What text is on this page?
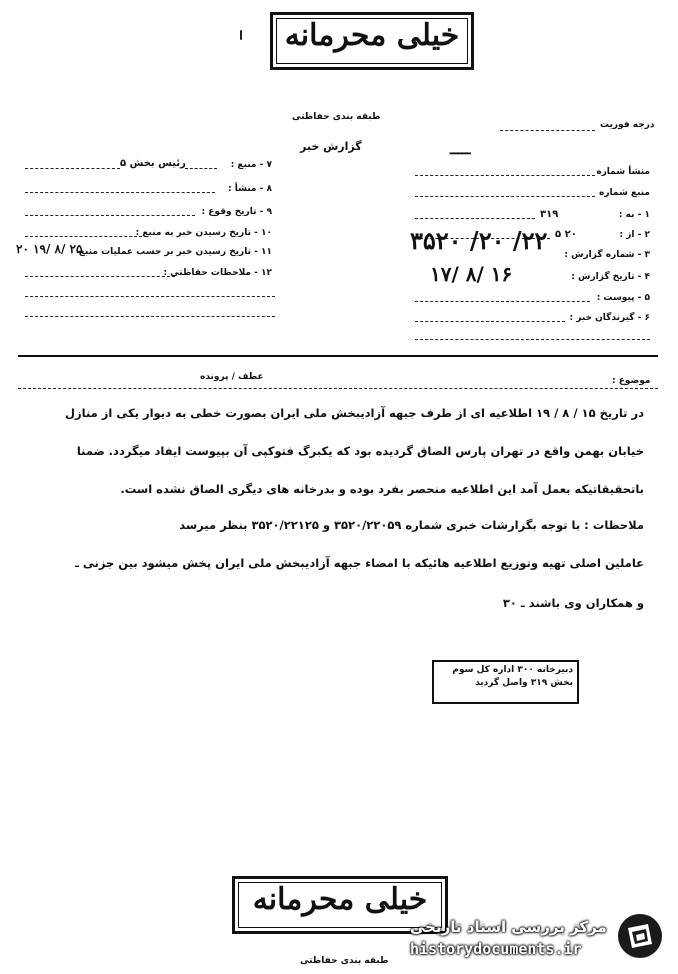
خیلی محرمانه
طبقه بندی حفاظتی
گزارش خبر
درجه فوریت
۷ - منبع :
رئیس بخش ۵
۸ - منشأ :
۹ - تاریخ وقوع :
۱۰ - تاریخ رسیدن خبر به منبع :
۱۱ - تاریخ رسیدن خبر بر حسب عملیات منبع
۲۵ /۸ /۱۹ ۲۰
۱۲ - ملاحظات حفاظتی :
منشأ شماره
ـــــ
منبع شماره
۱ - به :
۳۱۹
۲ - از :
۲۰ ۵
۳ - شماره گزارش :
۲۲/ ۲۰/ ۳۵۲۰
۴ - تاریخ گزارش :
۱۶ /۸ /۱۷
۵ - پیوست :
۶ - گیرندگان خبر :
موضوع :
عطف / پرونده
در تاریخ ۱۵ / ۸ / ۱۹ اطلاعیه ای از طرف جبهه آزادیبخش ملی ایران بصورت خطی به دیوار یکی از منازل
خیابان بهمن واقع در تهران پارس الصاق گردیده بود که یکبرگ فتوکپی آن بپیوست ایفاد میگردد. ضمنا
باتحقیقاتیکه بعمل آمد این اطلاعیه منحصر بفرد بوده و بدرخانه های دیگری الصاق نشده است.
ملاحظات : با توجه بگزارشات خبری شماره ۳۵۲۰/۲۲۰۵۹ و ۳۵۲۰/۲۲۱۲۵ بنظر میرسد
عاملین اصلی تهیه وتوزیع اطلاعیه هائیکه با امضاء جبهه آزادیبخش ملی ایران پخش میشود بین جزنی ـ
و همکاران وی باشند ـ ۳۰
دبیرخانه ۳۰۰ اداره کل سوم
بخش ۳۱۹ واصل گردید
خیلی محرمانه
طبقه بندی حفاظتی
مرکز بررسی اسناد تاریخی
historydocuments.ir
